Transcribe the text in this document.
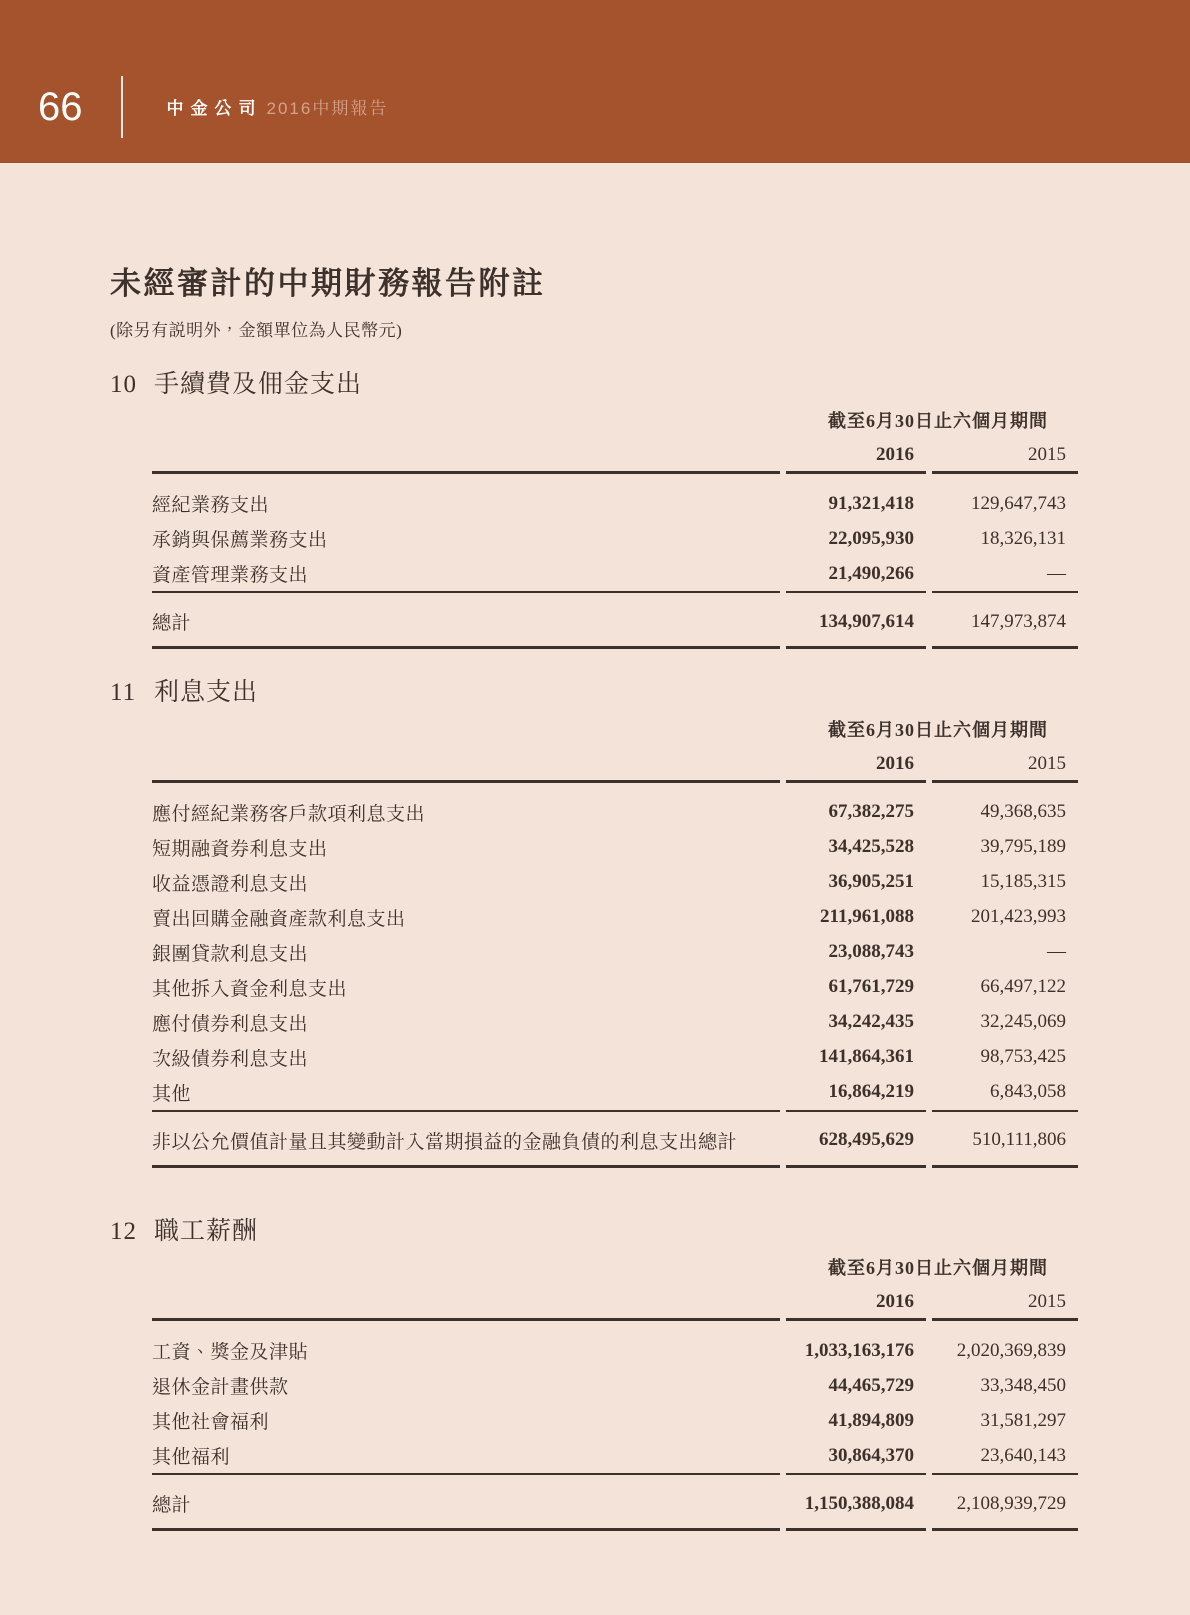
66	中金公司 2016中期報告
未經審計的中期財務報告附註

(除另有説明外，金額單位為人民幣元)

10 手續費及佣金支出
	截至6月30日止六個月期間	
	2016	2015
經紀業務支出	91,321,418	129,647,743
承銷與保薦業務支出	22,095,930	18,326,131
資產管理業務支出	21,490,266	—
總計	134,907,614	147,973,874
11 利息支出
	截至6月30日止六個月期間	
	2016	2015
應付經紀業務客戶款項利息支出	67,382,275	49,368,635
短期融資券利息支出	34,425,528	39,795,189
收益憑證利息支出	36,905,251	15,185,315
賣出回購金融資產款利息支出	211,961,088	201,423,993
銀團貸款利息支出	23,088,743	—
其他拆入資金利息支出	61,761,729	66,497,122
應付債券利息支出	34,242,435	32,245,069
次級債券利息支出	141,864,361	98,753,425
其他	16,864,219	6,843,058
非以公允價值計量且其變動計入當期損益的金融負債的利息支出總計	628,495,629	510,111,806
12 職工薪酬
	截至6月30日止六個月期間	
	2016	2015
工資、獎金及津貼	1,033,163,176	2,020,369,839
退休金計畫供款	44,465,729	33,348,450
其他社會福利	41,894,809	31,581,297
其他福利	30,864,370	23,640,143
總計	1,150,388,084	2,108,939,729
